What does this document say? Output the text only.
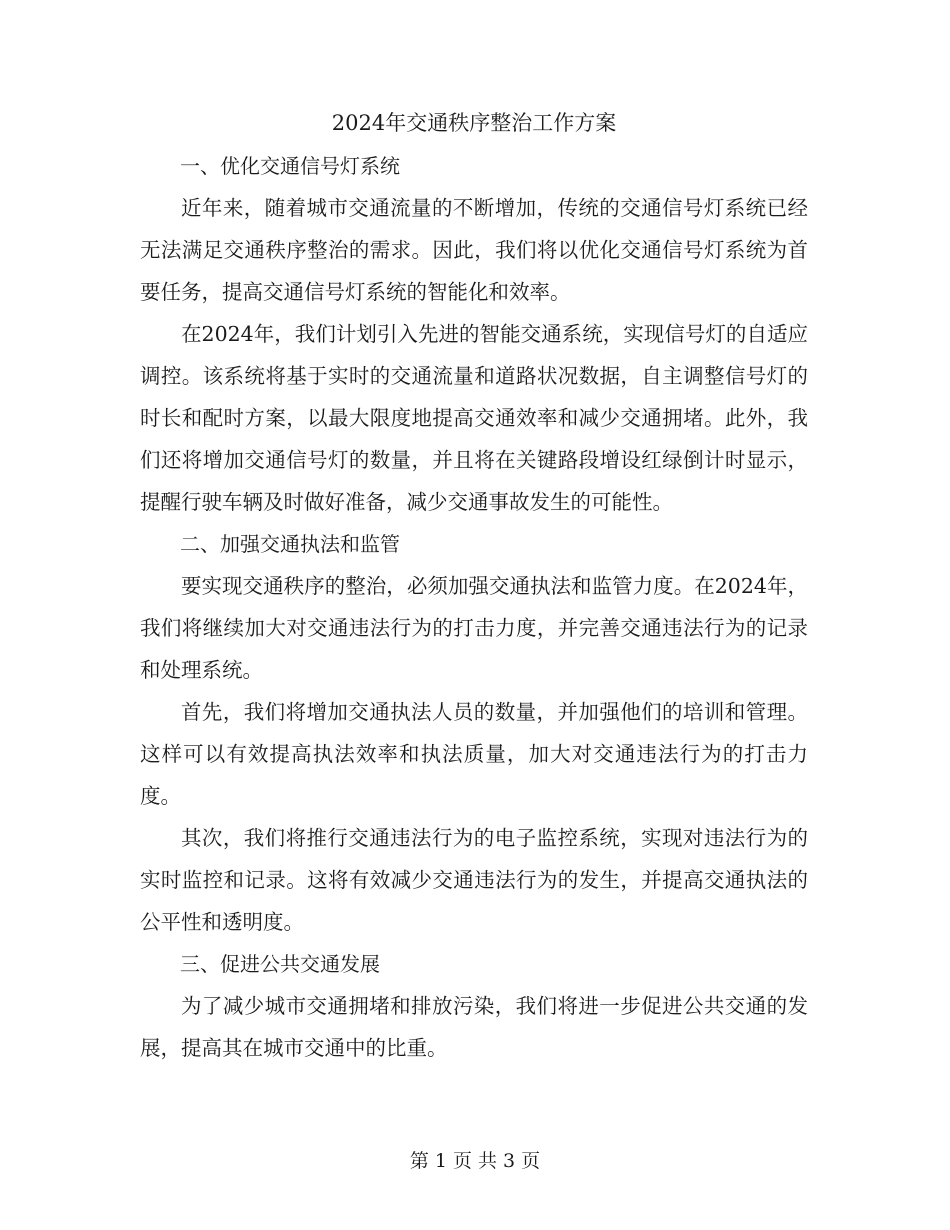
2024年交通秩序整治工作方案

一、优化交通信号灯系统

近年来，随着城市交通流量的不断增加，传统的交通信号灯系统已经无法满足交通秩序整治的需求。因此，我们将以优化交通信号灯系统为首要任务，提高交通信号灯系统的智能化和效率。

在2024年，我们计划引入先进的智能交通系统，实现信号灯的自适应调控。该系统将基于实时的交通流量和道路状况数据，自主调整信号灯的时长和配时方案，以最大限度地提高交通效率和减少交通拥堵。此外，我们还将增加交通信号灯的数量，并且将在关键路段增设红绿倒计时显示，提醒行驶车辆及时做好准备，减少交通事故发生的可能性。

二、加强交通执法和监管

要实现交通秩序的整治，必须加强交通执法和监管力度。在2024年，我们将继续加大对交通违法行为的打击力度，并完善交通违法行为的记录和处理系统。

首先，我们将增加交通执法人员的数量，并加强他们的培训和管理。这样可以有效提高执法效率和执法质量，加大对交通违法行为的打击力度。

其次，我们将推行交通违法行为的电子监控系统，实现对违法行为的实时监控和记录。这将有效减少交通违法行为的发生，并提高交通执法的公平性和透明度。

三、促进公共交通发展

为了减少城市交通拥堵和排放污染，我们将进一步促进公共交通的发展，提高其在城市交通中的比重。

第 1 页 共 3 页
